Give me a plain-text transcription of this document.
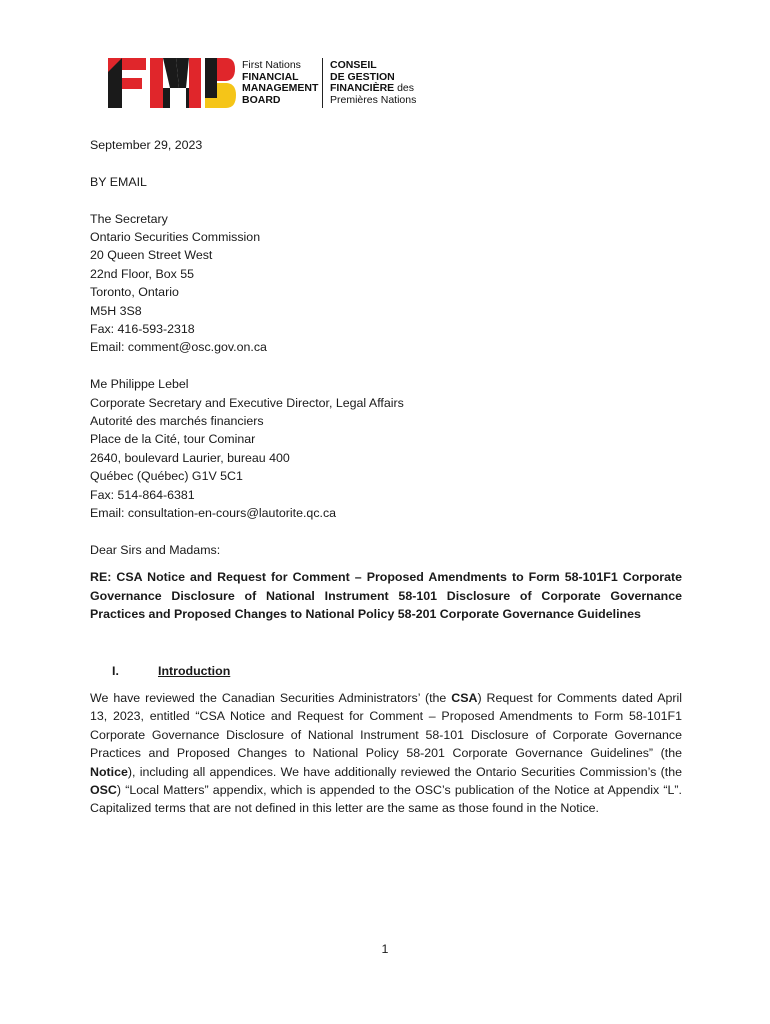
First Nations
FINANCIAL
MANAGEMENT
BOARD
CONSEIL
DE GESTION
FINANCIÈRE des
Premières Nations
September 29, 2023
BY EMAIL
The Secretary
Ontario Securities Commission
20 Queen Street West
22nd Floor, Box 55
Toronto, Ontario
M5H 3S8
Fax: 416-593-2318
Email: comment@osc.gov.on.ca
Me Philippe Lebel
Corporate Secretary and Executive Director, Legal Affairs
Autorité des marchés financiers
Place de la Cité, tour Cominar
2640, boulevard Laurier, bureau 400
Québec (Québec) G1V 5C1
Fax: 514-864-6381
Email: consultation-en-cours@lautorite.qc.ca
Dear Sirs and Madams:
RE: CSA Notice and Request for Comment – Proposed Amendments to Form 58-101F1 Corporate Governance Disclosure of National Instrument 58-101 Disclosure of Corporate Governance Practices and Proposed Changes to National Policy 58-201 Corporate Governance Guidelines
I.	Introduction
We have reviewed the Canadian Securities Administrators’ (the CSA) Request for Comments dated April 13, 2023, entitled “CSA Notice and Request for Comment – Proposed Amendments to Form 58-101F1 Corporate Governance Disclosure of National Instrument 58-101 Disclosure of Corporate Governance Practices and Proposed Changes to National Policy 58-201 Corporate Governance Guidelines” (the Notice), including all appendices. We have additionally reviewed the Ontario Securities Commission’s (the OSC) “Local Matters” appendix, which is appended to the OSC’s publication of the Notice at Appendix “L”. Capitalized terms that are not defined in this letter are the same as those found in the Notice.
1
